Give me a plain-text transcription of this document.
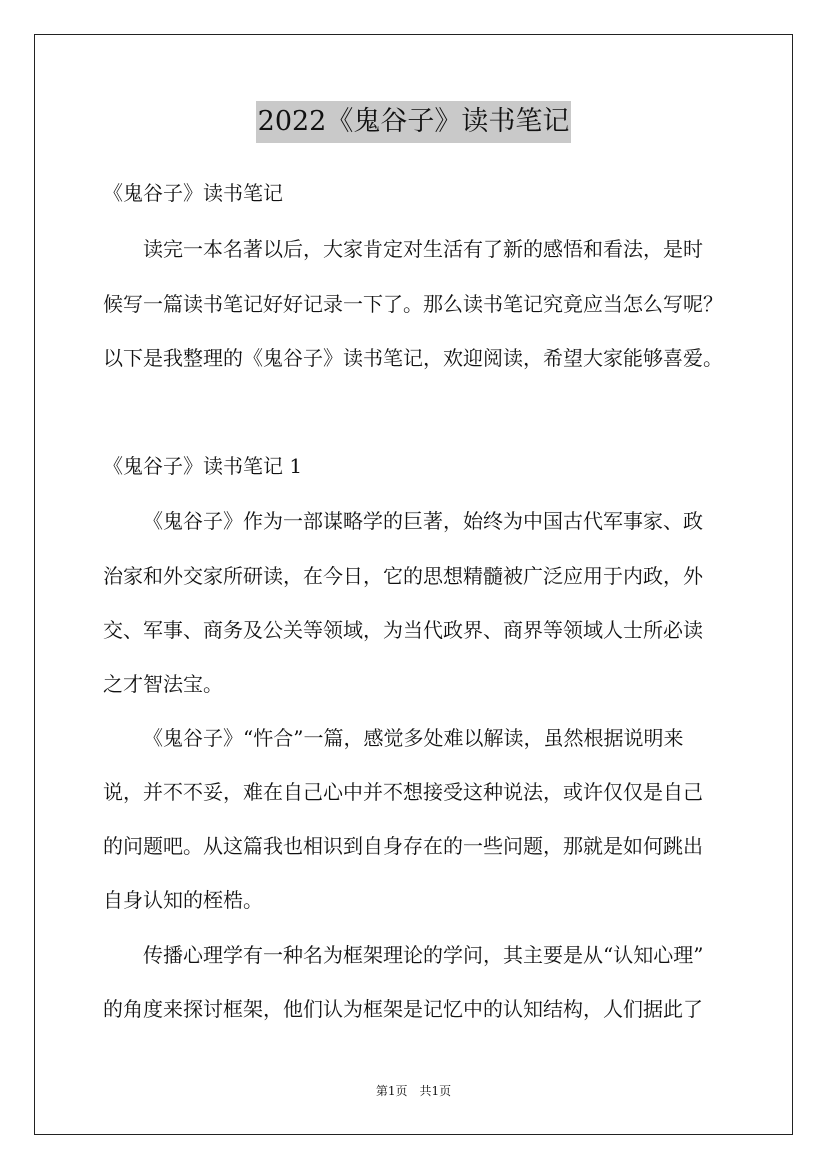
2022《鬼谷子》读书笔记
《鬼谷子》读书笔记
读完一本名著以后，大家肯定对生活有了新的感悟和看法，是时
候写一篇读书笔记好好记录一下了。那么读书笔记究竟应当怎么写呢？
以下是我整理的《鬼谷子》读书笔记，欢迎阅读，希望大家能够喜爱。
《鬼谷子》读书笔记 1
《鬼谷子》作为一部谋略学的巨著，始终为中国古代军事家、政
治家和外交家所研读，在今日，它的思想精髓被广泛应用于内政，外
交、军事、商务及公关等领域，为当代政界、商界等领域人士所必读
之才智法宝。
《鬼谷子》“忤合”一篇，感觉多处难以解读，虽然根据说明来
说，并不不妥，难在自己心中并不想接受这种说法，或许仅仅是自己
的问题吧。从这篇我也相识到自身存在的一些问题，那就是如何跳出
自身认知的桎梏。
传播心理学有一种名为框架理论的学问，其主要是从“认知心理”
的角度来探讨框架，他们认为框架是记忆中的认知结构，人们据此了
第1页　共1页
